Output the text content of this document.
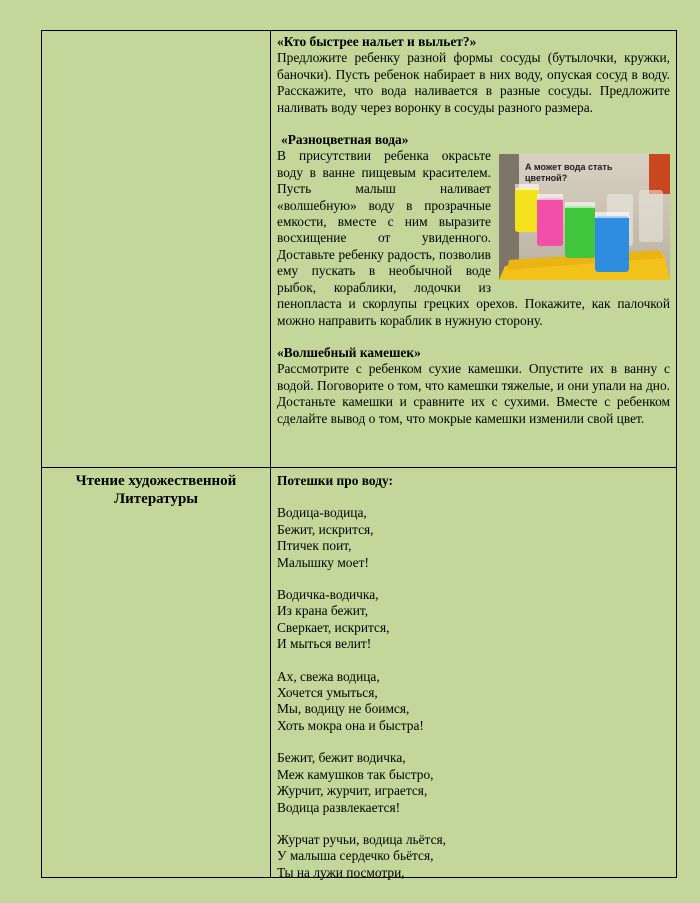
«Кто быстрее нальет и выльет?»

Предложите ребенку разной формы сосуды (бутылочки, кружки, баночки). Пусть ребенок набирает в них воду, опуская сосуд в воду. Расскажите, что вода наливается в разные сосуды. Предложите наливать воду через воронку в сосуды разного размера.

«Разноцветная вода»

А может вода стать цветной?

В присутствии ребенка окрасьте воду в ванне пищевым красителем. Пусть малыш наливает «волшебную» воду в прозрачные емкости, вместе с ним выразите восхищение от увиденного. Доставьте ребенку радость, позволив ему пускать в необычной воде рыбок, кораблики, лодочки из пенопласта и скорлупы грецких орехов. Покажите, как палочкой можно направить кораблик в нужную сторону.

«Волшебный камешек»

Рассмотрите с ребенком сухие камешки. Опустите их в ванну с водой. Поговорите о том, что камешки тяжелые, и они упали на дно. Достаньте камешки и сравните их с сухими. Вместе с ребенком сделайте вывод о том, что мокрые камешки изменили свой цвет.

Чтение художественной Литературы

Потешки про воду:

Водица-водица,
Бежит, искрится,
Птичек поит,
Малышку моет!
Водичка-водичка,
Из крана бежит,
Сверкает, искрится,
И мыться велит!
Ах, свежа водица,
Хочется умыться,
Мы, водицу не боимся,
Хоть мокра она и быстра!
Бежит, бежит водичка,
Меж камушков так быстро,
Журчит, журчит, играется,
Водица развлекается!
Журчат ручьи, водица льётся,
У малыша сердечко бьётся,
Ты на лужи посмотри,
